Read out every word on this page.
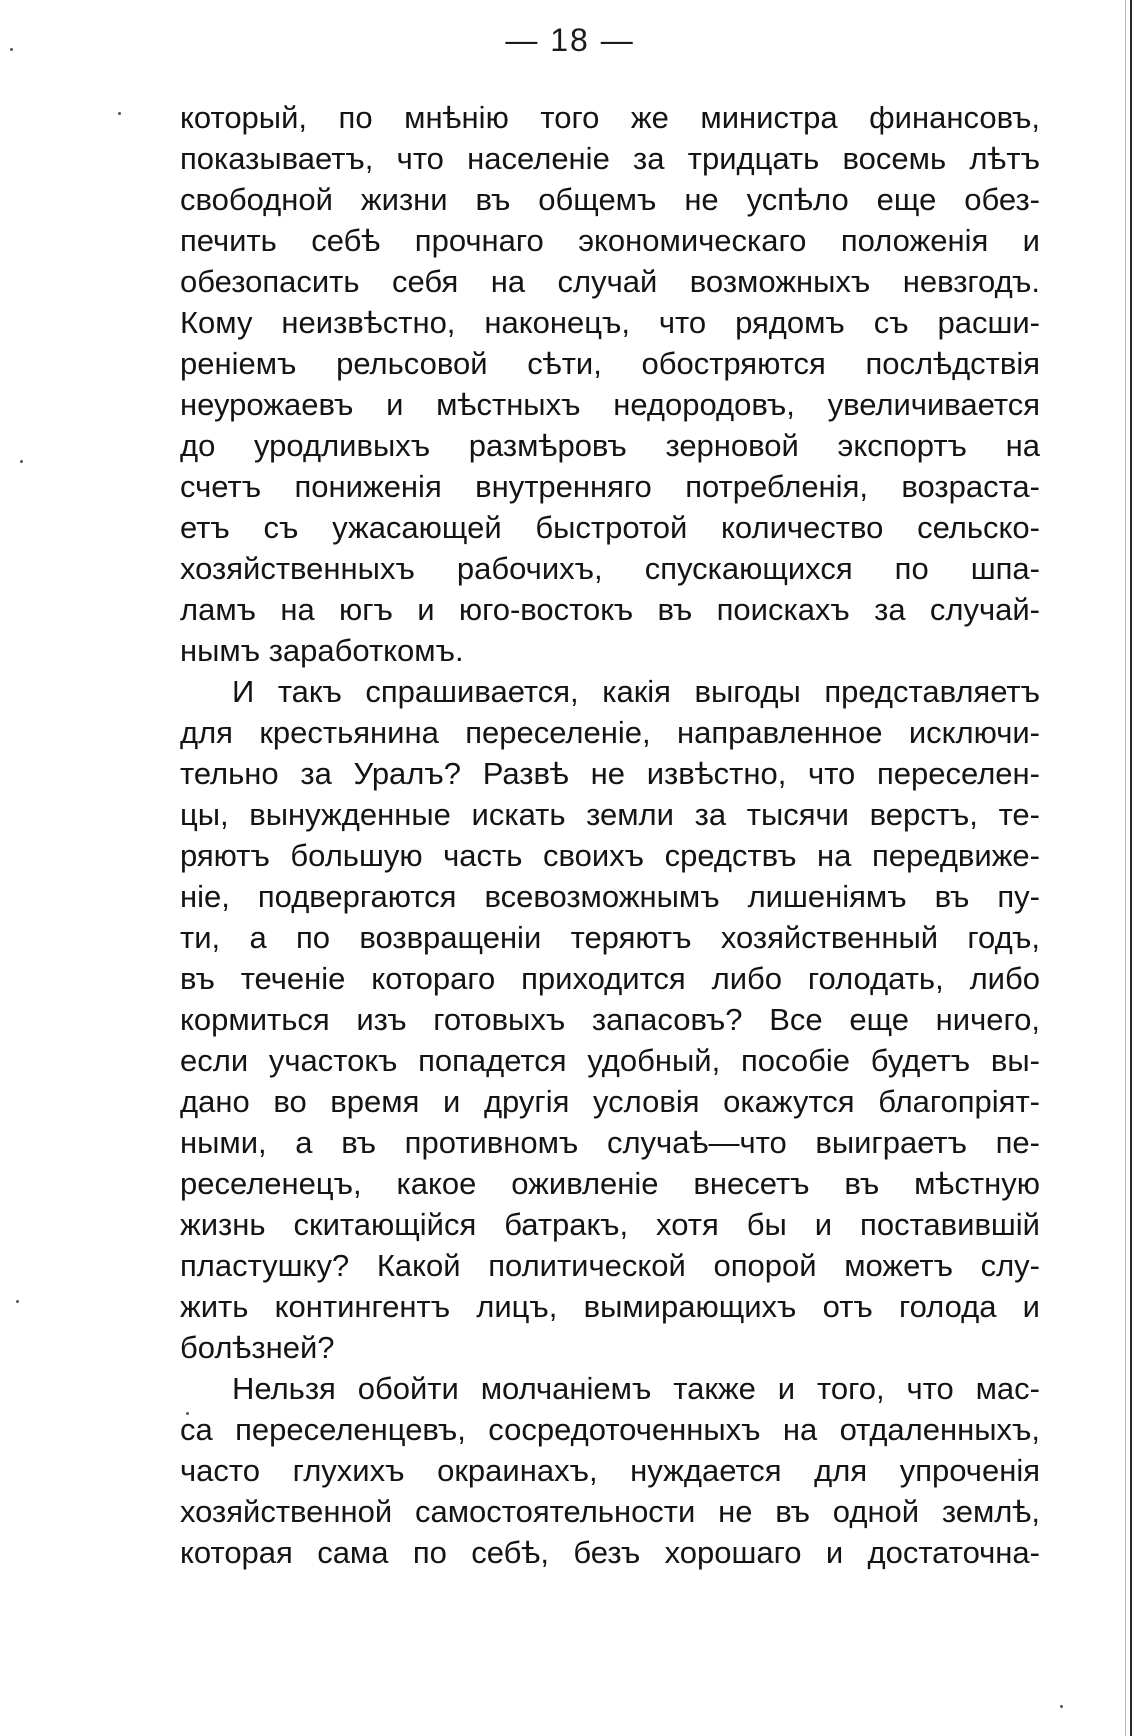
— 18 —
который, по мнѣнію того же министра финансовъ,
показываетъ, что населеніе за тридцать восемь лѣтъ
свободной жизни въ общемъ не успѣло еще обез-
печить себѣ прочнаго экономическаго положенія и
обезопасить себя на случай возможныхъ невзгодъ.
Кому неизвѣстно, наконецъ, что рядомъ съ расши-
реніемъ рельсовой сѣти, обостряются послѣдствія
неурожаевъ и мѣстныхъ недородовъ, увеличивается
до уродливыхъ размѣровъ зерновой экспортъ на
счетъ пониженія внутренняго потребленія, возраста-
етъ съ ужасающей быстротой количество сельско-
хозяйственныхъ рабочихъ, спускающихся по шпа-
ламъ на югъ и юго-востокъ въ поискахъ за случай-
нымъ заработкомъ.
И такъ спрашивается, какія выгоды представляетъ
для крестьянина переселеніе, направленное исключи-
тельно за Уралъ? Развѣ не извѣстно, что переселен-
цы, вынужденные искать земли за тысячи верстъ, те-
ряютъ большую часть своихъ средствъ на передвиже-
ніе, подвергаются всевозможнымъ лишеніямъ въ пу-
ти, а по возвращеніи теряютъ хозяйственный годъ,
въ теченіе котораго приходится либо голодать, либо
кормиться изъ готовыхъ запасовъ? Все еще ничего,
если участокъ попадется удобный, пособіе будетъ вы-
дано во время и другія условія окажутся благопріят-
ными, а въ противномъ случаѣ—что выиграетъ пе-
реселенецъ, какое оживленіе внесетъ въ мѣстную
жизнь скитающійся батракъ, хотя бы и поставившій
пластушку? Какой политической опорой можетъ слу-
жить контингентъ лицъ, вымирающихъ отъ голода и
болѣзней?
Нельзя обойти молчаніемъ также и того, что мас-
са переселенцевъ, сосредоточенныхъ на отдаленныхъ,
часто глухихъ окраинахъ, нуждается для упроченія
хозяйственной самостоятельности не въ одной землѣ,
которая сама по себѣ, безъ хорошаго и достаточна-
